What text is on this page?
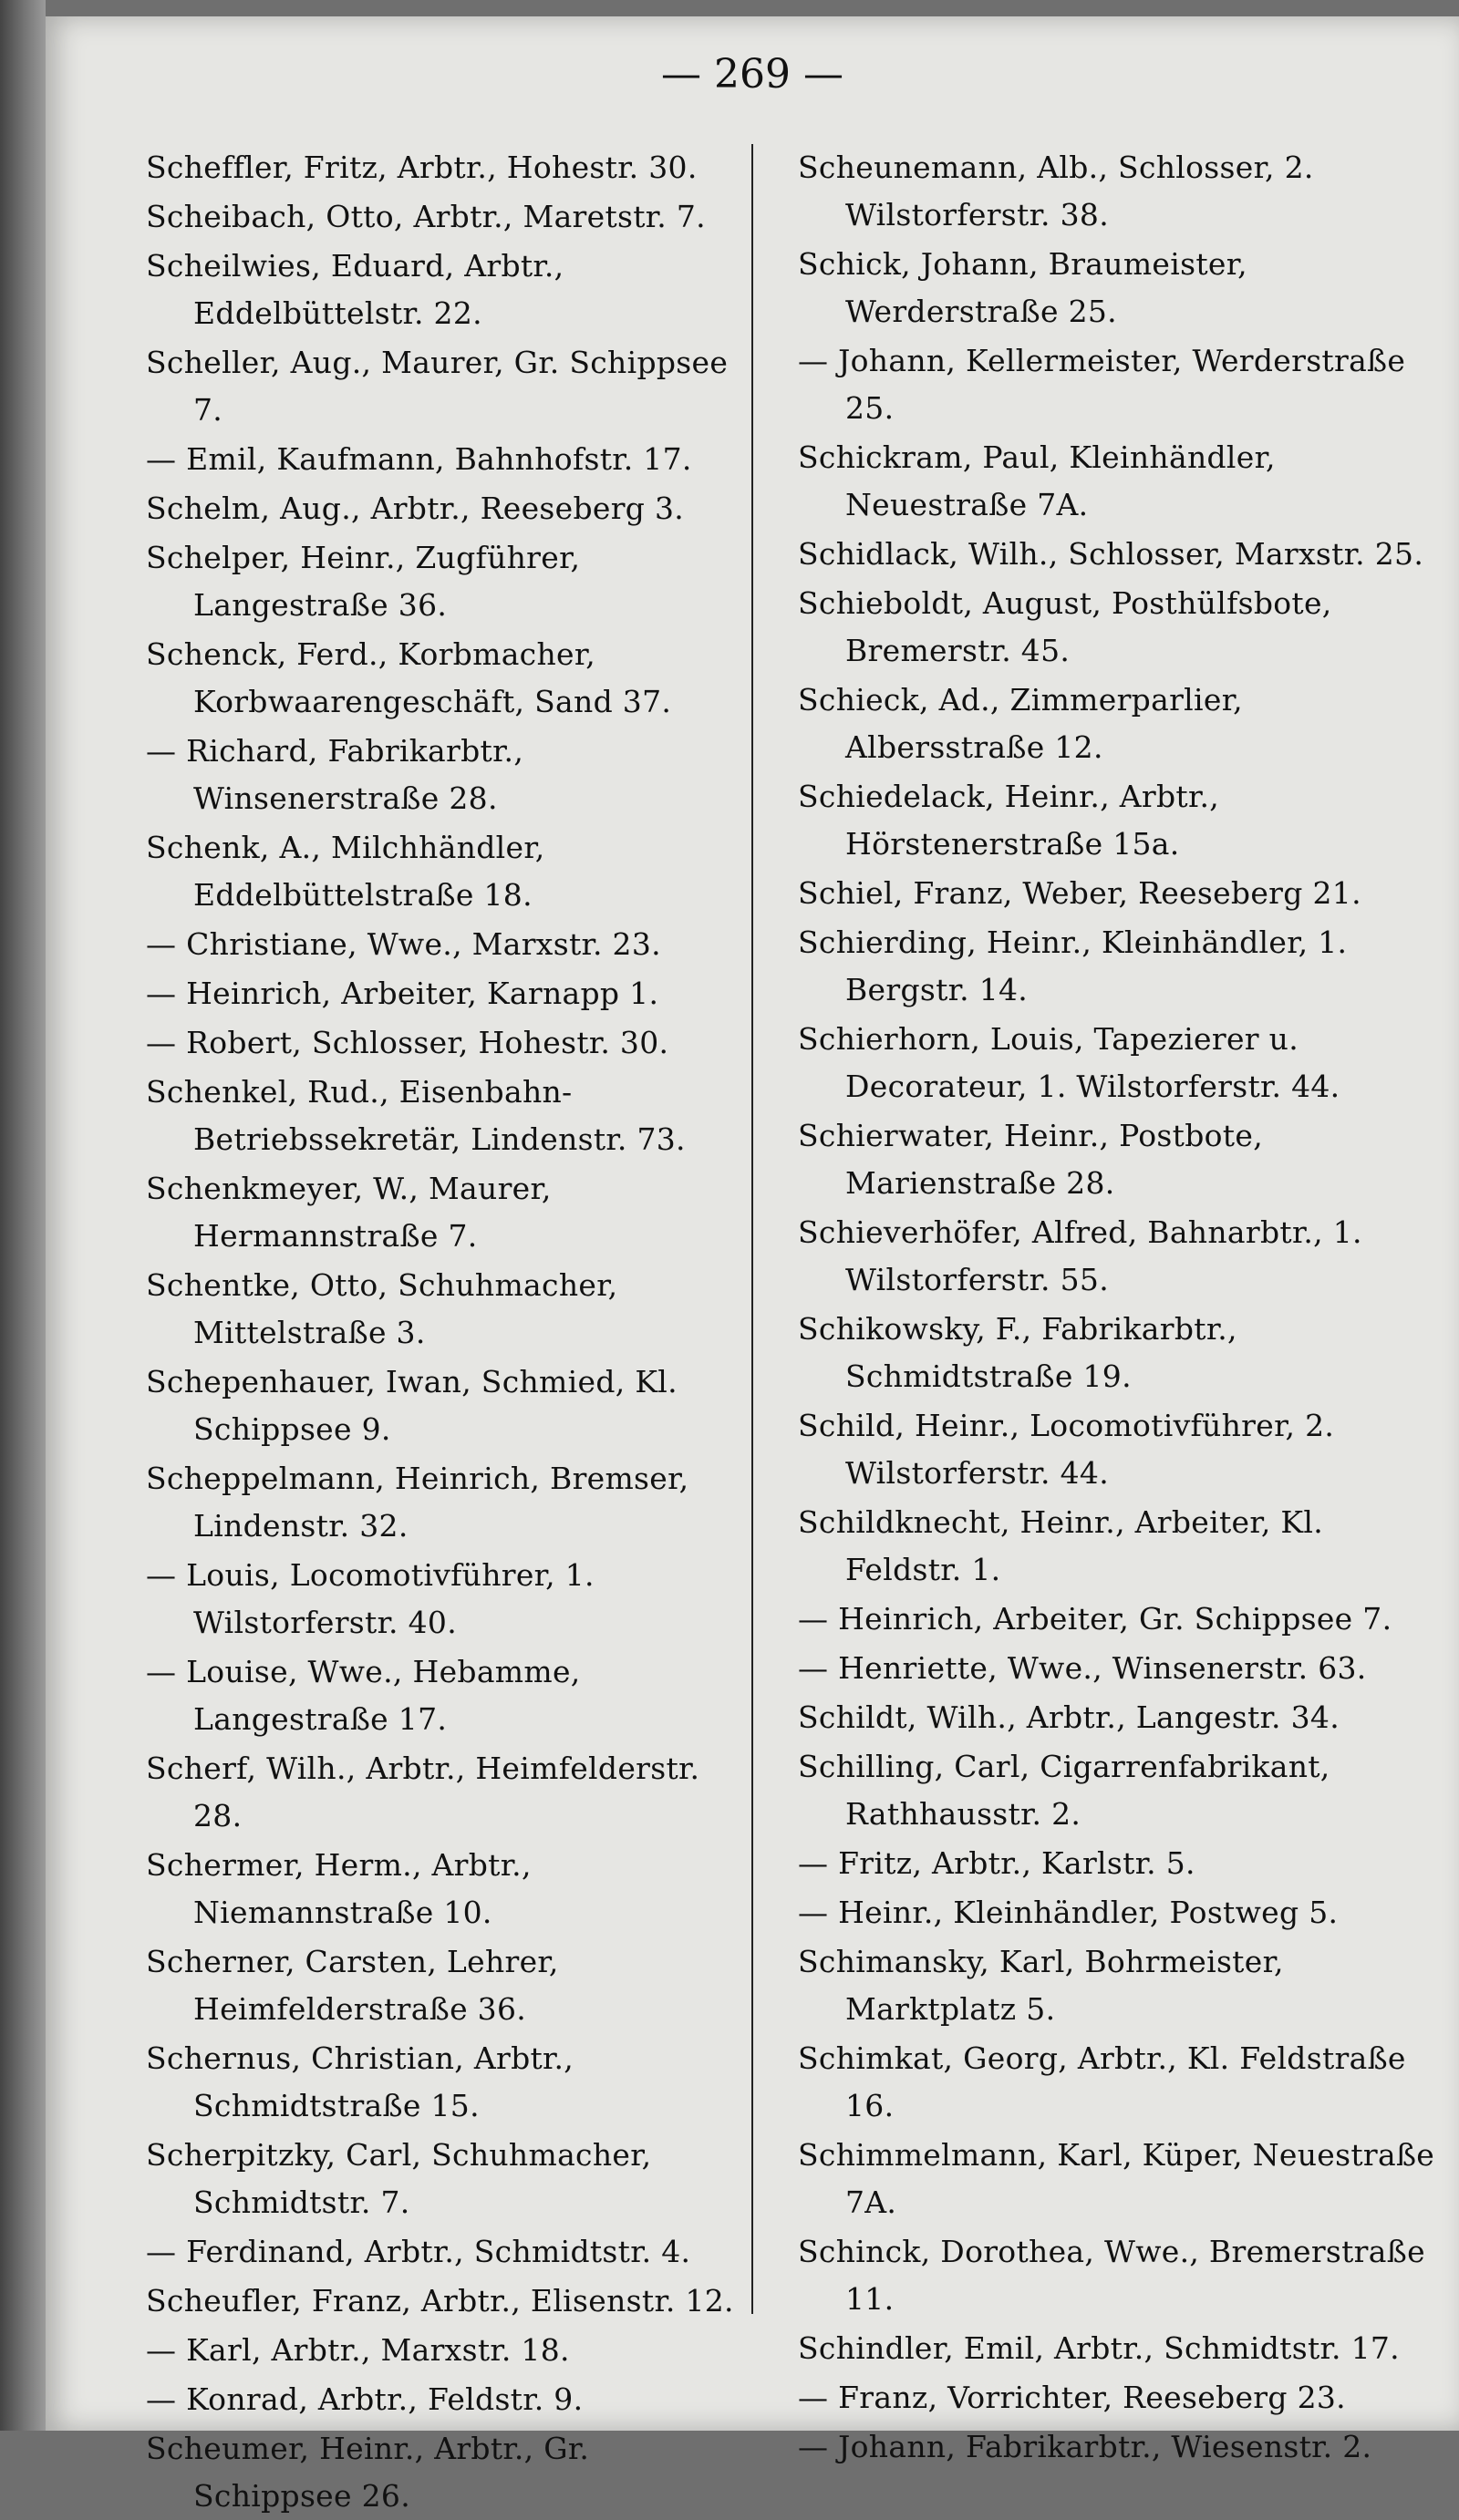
— 269 —

Scheffler, Fritz, Arbtr., Hohestr. 30.

Scheibach, Otto, Arbtr., Maretstr. 7.

Scheilwies, Eduard, Arbtr., Eddelbüttelstr. 22.

Scheller, Aug., Maurer, Gr. Schippsee 7.

— Emil, Kaufmann, Bahnhofstr. 17.

Schelm, Aug., Arbtr., Reeseberg 3.

Schelper, Heinr., Zugführer, Langestraße 36.

Schenck, Ferd., Korbmacher, Korbwaarengeschäft, Sand 37.

— Richard, Fabrikarbtr., Winsenerstraße 28.

Schenk, A., Milchhändler, Eddelbüttelstraße 18.

— Christiane, Wwe., Marxstr. 23.

— Heinrich, Arbeiter, Karnapp 1.

— Robert, Schlosser, Hohestr. 30.

Schenkel, Rud., Eisenbahn-Betriebssekretär, Lindenstr. 73.

Schenkmeyer, W., Maurer, Hermannstraße 7.

Schentke, Otto, Schuhmacher, Mittelstraße 3.

Schepenhauer, Iwan, Schmied, Kl. Schippsee 9.

Scheppelmann, Heinrich, Bremser, Lindenstr. 32.

— Louis, Locomotivführer, 1. Wilstorferstr. 40.

— Louise, Wwe., Hebamme, Langestraße 17.

Scherf, Wilh., Arbtr., Heimfelderstr. 28.

Schermer, Herm., Arbtr., Niemannstraße 10.

Scherner, Carsten, Lehrer, Heimfelderstraße 36.

Schernus, Christian, Arbtr., Schmidtstraße 15.

Scherpitzky, Carl, Schuhmacher, Schmidtstr. 7.

— Ferdinand, Arbtr., Schmidtstr. 4.

Scheufler, Franz, Arbtr., Elisenstr. 12.

— Karl, Arbtr., Marxstr. 18.

— Konrad, Arbtr., Feldstr. 9.

Scheumer, Heinr., Arbtr., Gr. Schippsee 26.

Scheunemann, Alb., Schlosser, 2. Wilstorferstr. 38.

Schick, Johann, Braumeister, Werderstraße 25.

— Johann, Kellermeister, Werderstraße 25.

Schickram, Paul, Kleinhändler, Neuestraße 7A.

Schidlack, Wilh., Schlosser, Marxstr. 25.

Schieboldt, August, Posthülfsbote, Bremerstr. 45.

Schieck, Ad., Zimmerparlier, Albersstraße 12.

Schiedelack, Heinr., Arbtr., Hörstenerstraße 15a.

Schiel, Franz, Weber, Reeseberg 21.

Schierding, Heinr., Kleinhändler, 1. Bergstr. 14.

Schierhorn, Louis, Tapezierer u. Decorateur, 1. Wilstorferstr. 44.

Schierwater, Heinr., Postbote, Marienstraße 28.

Schieverhöfer, Alfred, Bahnarbtr., 1. Wilstorferstr. 55.

Schikowsky, F., Fabrikarbtr., Schmidtstraße 19.

Schild, Heinr., Locomotivführer, 2. Wilstorferstr. 44.

Schildknecht, Heinr., Arbeiter, Kl. Feldstr. 1.

— Heinrich, Arbeiter, Gr. Schippsee 7.

— Henriette, Wwe., Winsenerstr. 63.

Schildt, Wilh., Arbtr., Langestr. 34.

Schilling, Carl, Cigarrenfabrikant, Rathhausstr. 2.

— Fritz, Arbtr., Karlstr. 5.

— Heinr., Kleinhändler, Postweg 5.

Schimansky, Karl, Bohrmeister, Marktplatz 5.

Schimkat, Georg, Arbtr., Kl. Feldstraße 16.

Schimmelmann, Karl, Küper, Neuestraße 7A.

Schinck, Dorothea, Wwe., Bremerstraße 11.

Schindler, Emil, Arbtr., Schmidtstr. 17.

— Franz, Vorrichter, Reeseberg 23.

— Johann, Fabrikarbtr., Wiesenstr. 2.
